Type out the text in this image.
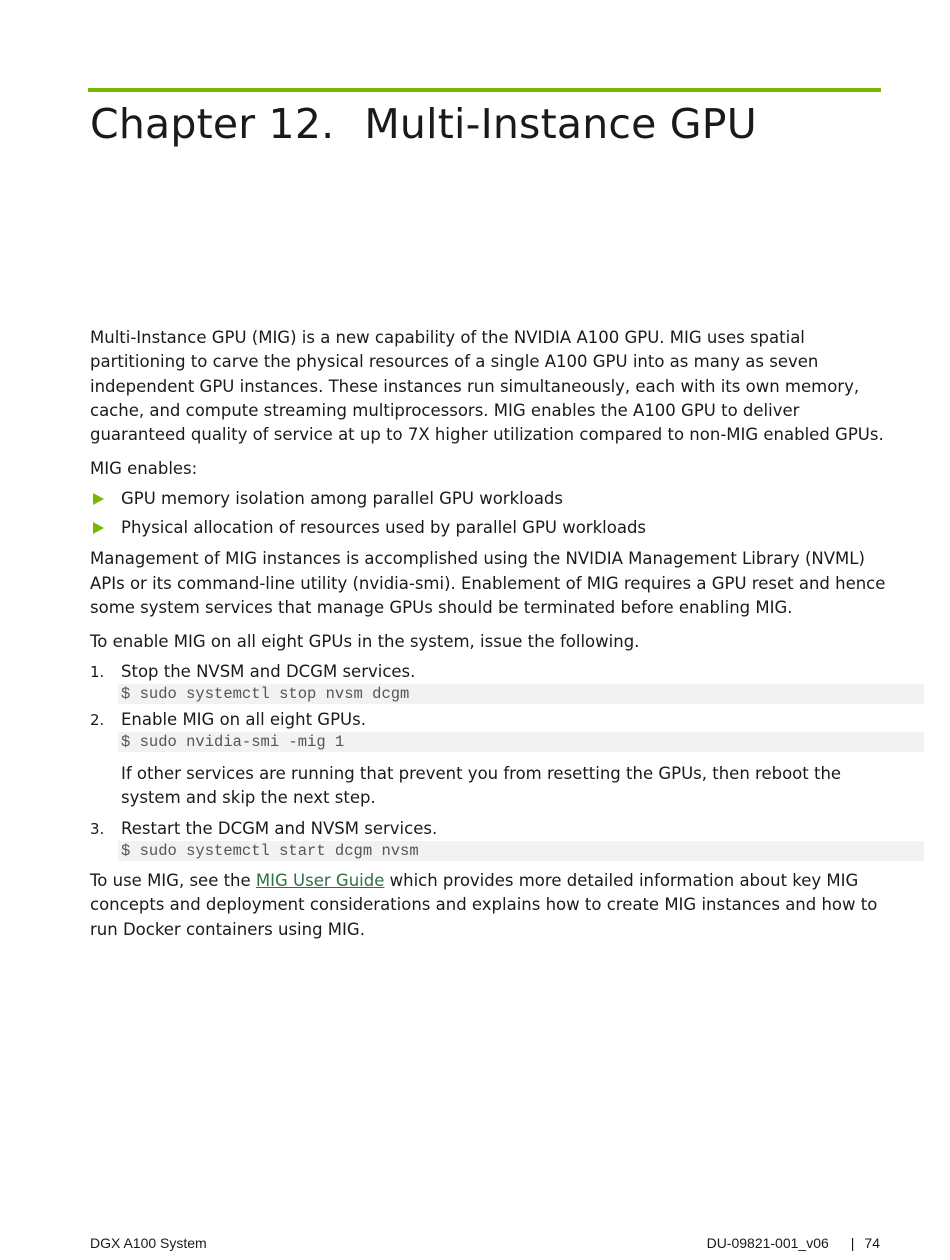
Chapter 12. Multi-Instance GPU

Multi-Instance GPU (MIG) is a new capability of the NVIDIA A100 GPU. MIG uses spatial partitioning to carve the physical resources of a single A100 GPU into as many as seven independent GPU instances. These instances run simultaneously, each with its own memory, cache, and compute streaming multiprocessors. MIG enables the A100 GPU to deliver guaranteed quality of service at up to 7X higher utilization compared to non-MIG enabled GPUs.

MIG enables:

GPU memory isolation among parallel GPU workloads
Physical allocation of resources used by parallel GPU workloads

Management of MIG instances is accomplished using the NVIDIA Management Library (NVML) APIs or its command-line utility (nvidia-smi). Enablement of MIG requires a GPU reset and hence some system services that manage GPUs should be terminated before enabling MIG.

To enable MIG on all eight GPUs in the system, issue the following.

1.	Stop the NVSM and DCGM services.
$ sudo systemctl stop nvsm dcgm
2.	Enable MIG on all eight GPUs.
$ sudo nvidia-smi -mig 1
If other services are running that prevent you from resetting the GPUs, then reboot the system and skip the next step.
3.	Restart the DCGM and NVSM services.
$ sudo systemctl start dcgm nvsm

To use MIG, see the MIG User Guide which provides more detailed information about key MIG concepts and deployment considerations and explains how to create MIG instances and how to run Docker containers using MIG.

DGX A100 System	DU-09821-001_v06 | 74
